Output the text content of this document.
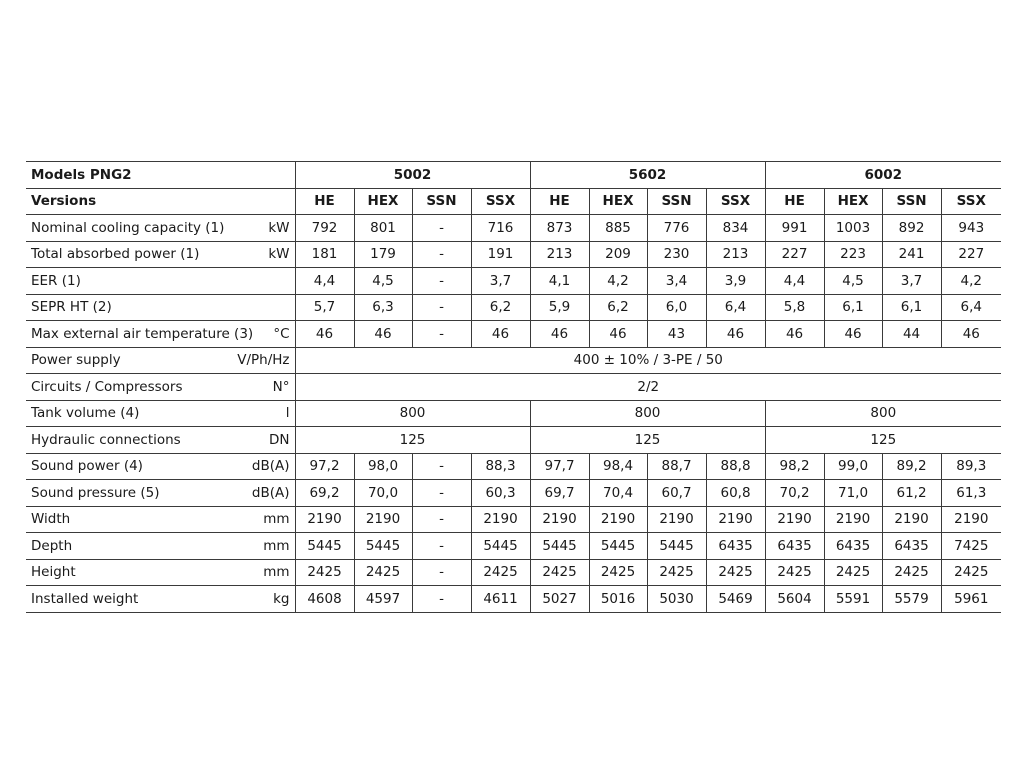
Models PNG2	5002				5602				6002			

Versions	HE	HEX	SSN	SSX	HE	HEX	SSN	SSX	HE	HEX	SSN	SSX

Nominal cooling capacity (1) kW	792	801	-	716	873	885	776	834	991	1003	892	943

Total absorbed power (1) kW	181	179	-	191	213	209	230	213	227	223	241	227

EER (1)	4,4	4,5	-	3,7	4,1	4,2	3,4	3,9	4,4	4,5	3,7	4,2

SEPR HT (2)	5,7	6,3	-	6,2	5,9	6,2	6,0	6,4	5,8	6,1	6,1	6,4

Max external air temperature (3) °C	46	46	-	46	46	46	43	46	46	46	44	46

Power supply V/Ph/Hz	400 ± 10% / 3-PE / 50											

Circuits / Compressors N°	2/2											

Tank volume (4) l	800				800				800			

Hydraulic connections DN	125				125				125			

Sound power (4) dB(A)	97,2	98,0	-	88,3	97,7	98,4	88,7	88,8	98,2	99,0	89,2	89,3

Sound pressure (5) dB(A)	69,2	70,0	-	60,3	69,7	70,4	60,7	60,8	70,2	71,0	61,2	61,3

Width mm	2190	2190	-	2190	2190	2190	2190	2190	2190	2190	2190	2190

Depth mm	5445	5445	-	5445	5445	5445	5445	6435	6435	6435	6435	7425

Height mm	2425	2425	-	2425	2425	2425	2425	2425	2425	2425	2425	2425

Installed weight kg	4608	4597	-	4611	5027	5016	5030	5469	5604	5591	5579	5961
